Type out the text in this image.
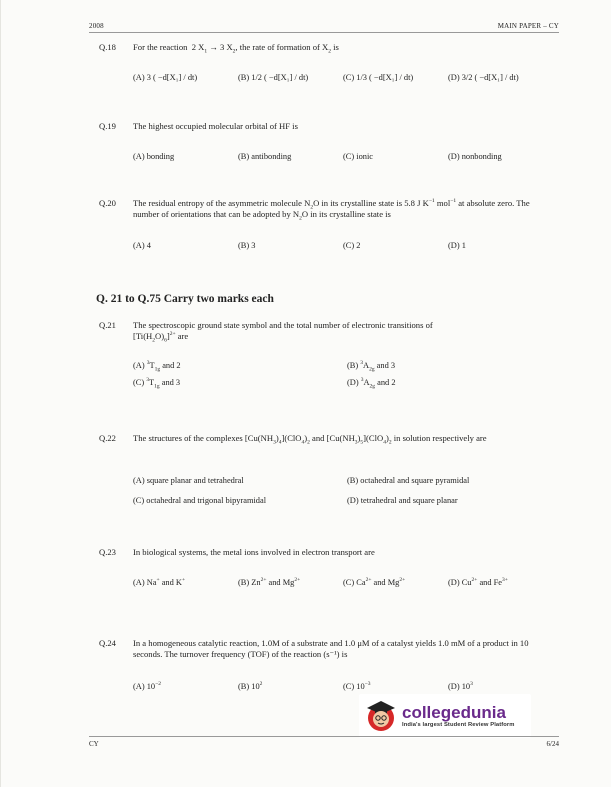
2008	MAIN PAPER – CY
Q.18	For the reaction  2 $X_1 \to 3$ $X_2$, the rate of formation of $X_2$ is
(A) 3 ( −d[X₁] / dt)	(B) 1/2 ( −d[X₁] / dt)	(C) 1/3 ( −d[X₁] / dt)	(D) 3/2 ( −d[X₁] / dt)
Q.19	The highest occupied molecular orbital of HF is
(A) bonding	(B) antibonding	(C) ionic	(D) nonbonding
Q.20	The residual entropy of the asymmetric molecule $N_2O$ in its crystalline state is 5.8 J $K^{-1}$ mol$^{-1}$ at absolute zero. The number of orientations that can be adopted by $N_2O$ in its crystalline state is
(A) 4	(B) 3	(C) 2	(D) 1
Q. 21 to Q.75 Carry two marks each
Q.21	The spectroscopic ground state symbol and the total number of electronic transitions of
$[Ti(H_2O)_6]^{2+}$ are
(A) $^3T_{1g}$ and 2	(B) $^3A_{2g}$ and 3
(C) $^3T_{1g}$ and 3	(D) $^3A_{2g}$ and 2
Q.22	The structures of the complexes $[Cu(NH_3)_4](ClO_4)_2$ and $[Cu(NH_3)_5](ClO_4)_2$ in solution respectively are
(A) square planar and tetrahedral	(B) octahedral and square pyramidal
(C) octahedral and trigonal bipyramidal	(D) tetrahedral and square planar
Q.23	In biological systems, the metal ions involved in electron transport are
(A) Na+ and K+	(B) $Zn^{2+}$ and $Mg^{2+}$	(C) $Ca^{2+}$ and $Mg^{2+}$	(D) $Cu^{2+}$ and $Fe^{3+}$
Q.24	In a homogeneous catalytic reaction, 1.0M of a substrate and 1.0 μM of a catalyst yields 1.0 mM of a product in 10 seconds. The turnover frequency (TOF) of the reaction (s⁻¹) is
(A) $10^{-2}$	(B) $10^2$	(C) $10^{-3}$	(D) $10^3$
collegedunia
India's largest Student Review Platform
CY	6/24
